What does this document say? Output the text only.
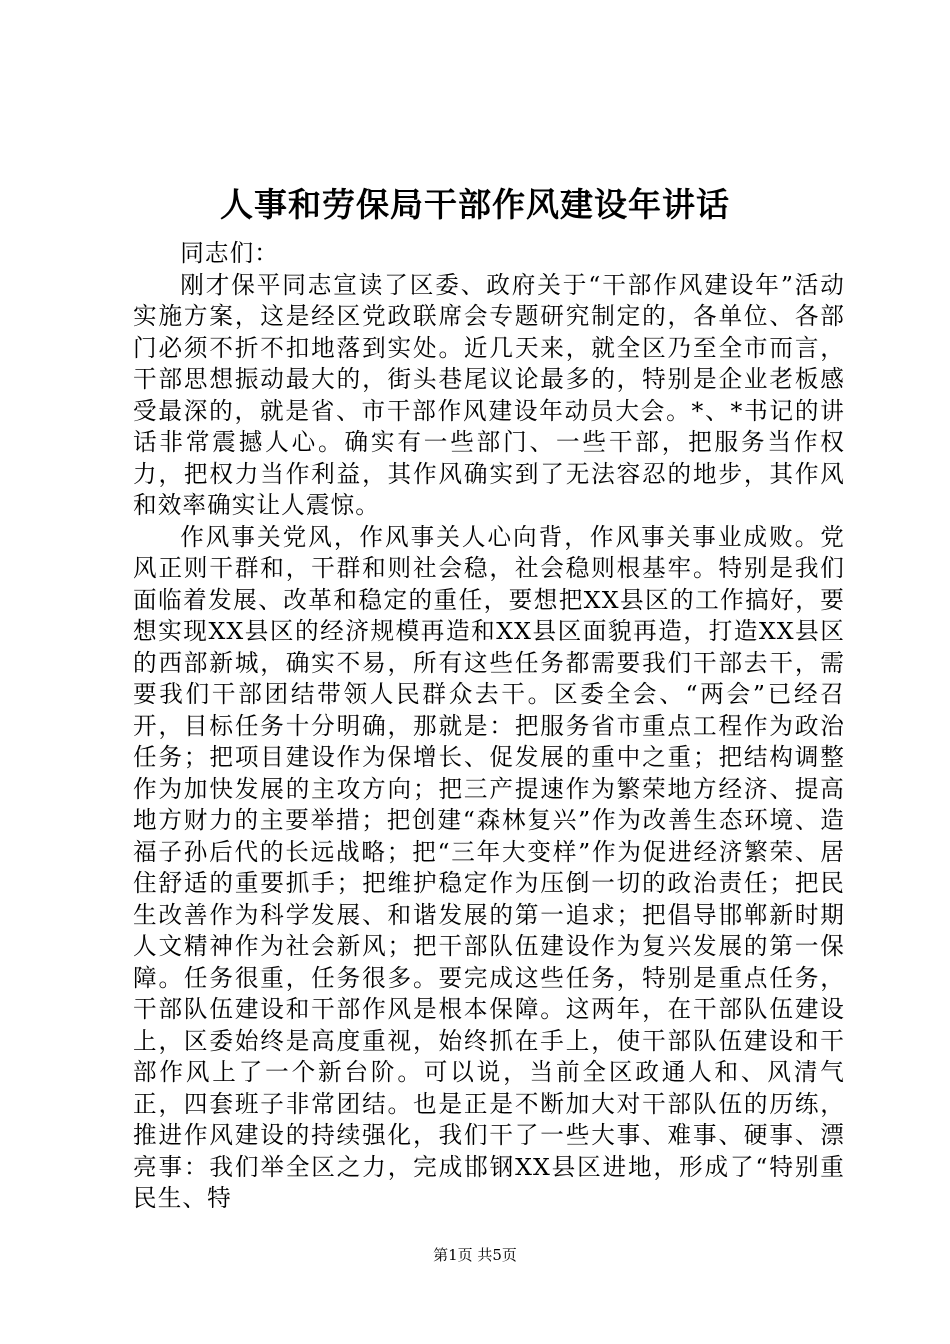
人事和劳保局干部作风建设年讲话

同志们：

刚才保平同志宣读了区委、政府关于“干部作风建设年”活动实施方案，这是经区党政联席会专题研究制定的，各单位、各部门必须不折不扣地落到实处。近几天来，就全区乃至全市而言，干部思想振动最大的，街头巷尾议论最多的，特别是企业老板感受最深的，就是省、市干部作风建设年动员大会。*、*书记的讲话非常震撼人心。确实有一些部门、一些干部，把服务当作权力，把权力当作利益，其作风确实到了无法容忍的地步，其作风和效率确实让人震惊。

作风事关党风，作风事关人心向背，作风事关事业成败。党风正则干群和，干群和则社会稳，社会稳则根基牢。特别是我们面临着发展、改革和稳定的重任，要想把XX县区的工作搞好，要想实现XX县区的经济规模再造和XX县区面貌再造，打造XX县区的西部新城，确实不易，所有这些任务都需要我们干部去干，需要我们干部团结带领人民群众去干。区委全会、“两会”已经召开，目标任务十分明确，那就是：把服务省市重点工程作为政治任务；把项目建设作为保增长、促发展的重中之重；把结构调整作为加快发展的主攻方向；把三产提速作为繁荣地方经济、提高地方财力的主要举措；把创建“森林复兴”作为改善生态环境、造福子孙后代的长远战略；把“三年大变样”作为促进经济繁荣、居住舒适的重要抓手；把维护稳定作为压倒一切的政治责任；把民生改善作为科学发展、和谐发展的第一追求；把倡导邯郸新时期人文精神作为社会新风；把干部队伍建设作为复兴发展的第一保障。任务很重，任务很多。要完成这些任务，特别是重点任务，干部队伍建设和干部作风是根本保障。这两年，在干部队伍建设上，区委始终是高度重视，始终抓在手上，使干部队伍建设和干部作风上了一个新台阶。可以说，当前全区政通人和、风清气正，四套班子非常团结。也是正是不断加大对干部队伍的历练，推进作风建设的持续强化，我们干了一些大事、难事、硬事、漂亮事：我们举全区之力，完成邯钢XX县区进地，形成了“特别重民生、特

第1页 共5页
